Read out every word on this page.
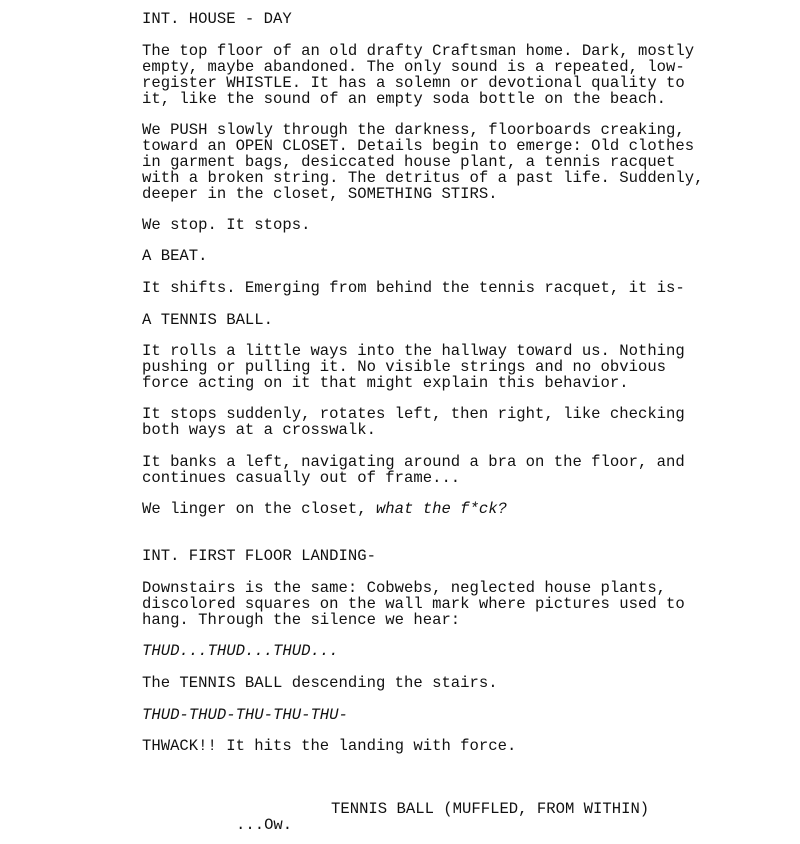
INT. HOUSE - DAY
The top floor of an old drafty Craftsman home. Dark, mostly
empty, maybe abandoned. The only sound is a repeated, low-
register WHISTLE. It has a solemn or devotional quality to
it, like the sound of an empty soda bottle on the beach.
We PUSH slowly through the darkness, floorboards creaking,
toward an OPEN CLOSET. Details begin to emerge: Old clothes
in garment bags, desiccated house plant, a tennis racquet
with a broken string. The detritus of a past life. Suddenly,
deeper in the closet, SOMETHING STIRS.
We stop. It stops.
A BEAT.
It shifts. Emerging from behind the tennis racquet, it is-
A TENNIS BALL.
It rolls a little ways into the hallway toward us. Nothing
pushing or pulling it. No visible strings and no obvious
force acting on it that might explain this behavior.
It stops suddenly, rotates left, then right, like checking
both ways at a crosswalk.
It banks a left, navigating around a bra on the floor, and
continues casually out of frame...
We linger on the closet, what the f*ck?
INT. FIRST FLOOR LANDING-
Downstairs is the same: Cobwebs, neglected house plants,
discolored squares on the wall mark where pictures used to
hang. Through the silence we hear:
THUD...THUD...THUD...
The TENNIS BALL descending the stairs.
THUD-THUD-THU-THU-THU-
THWACK!! It hits the landing with force.
TENNIS BALL (MUFFLED, FROM WITHIN)
...Ow.
